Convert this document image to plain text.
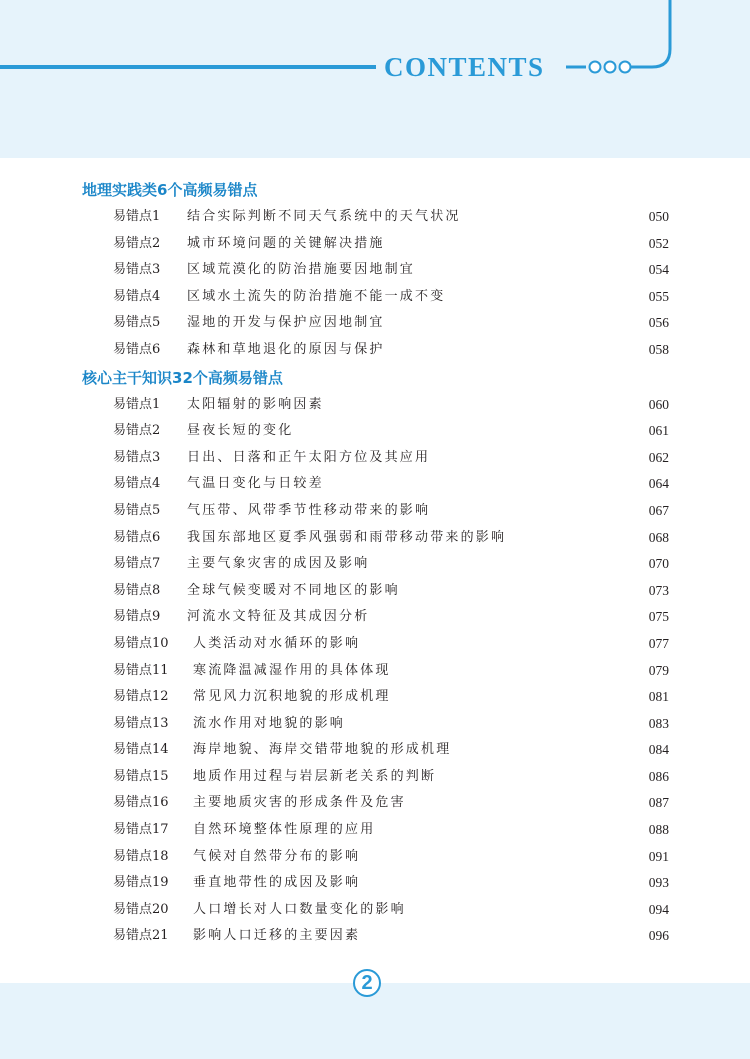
CONTENTS
地理实践类6个高频易错点
易错点1 结合实际判断不同天气系统中的天气状况	050
易错点2 城市环境问题的关键解决措施	052
易错点3 区域荒漠化的防治措施要因地制宜	054
易错点4 区域水土流失的防治措施不能一成不变	055
易错点5 湿地的开发与保护应因地制宜	056
易错点6 森林和草地退化的原因与保护	058
核心主干知识32个高频易错点
易错点1 太阳辐射的影响因素	060
易错点2 昼夜长短的变化	061
易错点3 日出、日落和正午太阳方位及其应用	062
易错点4 气温日变化与日较差	064
易错点5 气压带、风带季节性移动带来的影响	067
易错点6 我国东部地区夏季风强弱和雨带移动带来的影响	068
易错点7 主要气象灾害的成因及影响	070
易错点8 全球气候变暖对不同地区的影响	073
易错点9 河流水文特征及其成因分析	075
易错点10 人类活动对水循环的影响	077
易错点11 寒流降温减湿作用的具体体现	079
易错点12 常见风力沉积地貌的形成机理	081
易错点13 流水作用对地貌的影响	083
易错点14 海岸地貌、海岸交错带地貌的形成机理	084
易错点15 地质作用过程与岩层新老关系的判断	086
易错点16 主要地质灾害的形成条件及危害	087
易错点17 自然环境整体性原理的应用	088
易错点18 气候对自然带分布的影响	091
易错点19 垂直地带性的成因及影响	093
易错点20 人口增长对人口数量变化的影响	094
易错点21 影响人口迁移的主要因素	096
2
